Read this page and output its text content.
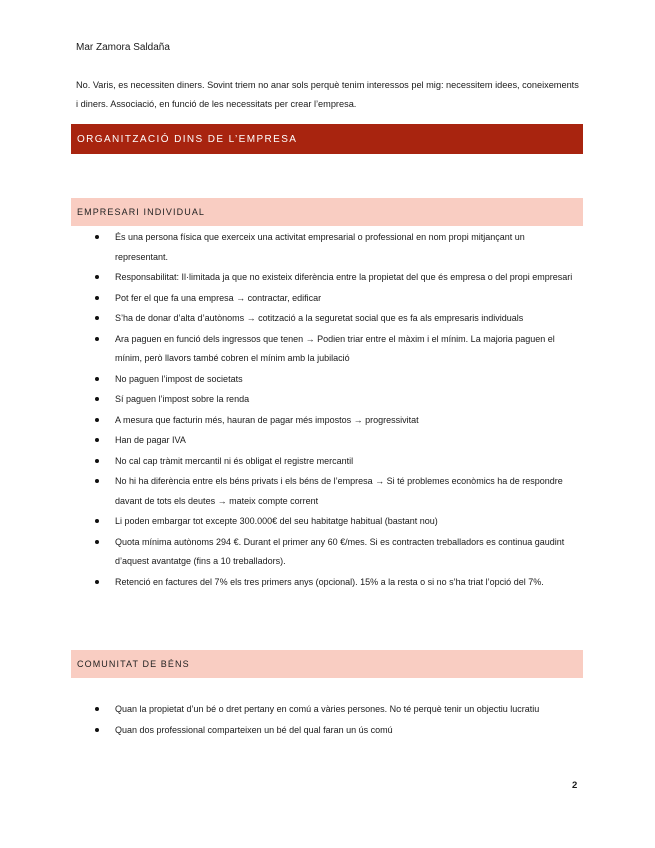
Mar Zamora Saldaña
No. Varis, es necessiten diners. Sovint triem no anar sols perquè tenim interessos pel mig: necessitem idees, coneixements i diners. Associació, en funció de les necessitats per crear l’empresa.
ORGANITZACIÓ DINS DE L’EMPRESA
EMPRESARI INDIVIDUAL
És una persona física que exerceix una activitat empresarial o professional en nom propi mitjançant un representant.
Responsabilitat: Il·limitada ja que no existeix diferència entre la propietat del que és empresa o del propi empresari
Pot fer el que fa una empresa → contractar, edificar
S’ha de donar d’alta d’autònoms → cotització a la seguretat social que es fa als empresaris individuals
Ara paguen en funció dels ingressos que tenen → Podien triar entre el màxim i el mínim. La majoria paguen el mínim, però llavors també cobren el mínim amb la jubilació
No paguen l’impost de societats
Sí paguen l’impost sobre la renda
A mesura que facturin més, hauran de pagar més impostos → progressivitat
Han de pagar IVA
No cal cap tràmit mercantil ni és obligat el registre mercantil
No hi ha diferència entre els béns privats i els béns de l’empresa → Si té problemes econòmics ha de respondre davant de tots els deutes → mateix compte corrent
Li poden embargar tot excepte 300.000€ del seu habitatge habitual (bastant nou)
Quota mínima autònoms 294 €. Durant el primer any 60 €/mes. Si es contracten treballadors es continua gaudint d’aquest avantatge (fins a 10 treballadors).
Retenció en factures del 7% els tres primers anys (opcional). 15% a la resta o si no s’ha triat l’opció del 7%.
COMUNITAT DE BÉNS
Quan la propietat d’un bé o dret pertany en comú a vàries persones. No té perquè tenir un objectiu lucratiu
Quan dos professional comparteixen un bé del qual faran un ús comú
2
